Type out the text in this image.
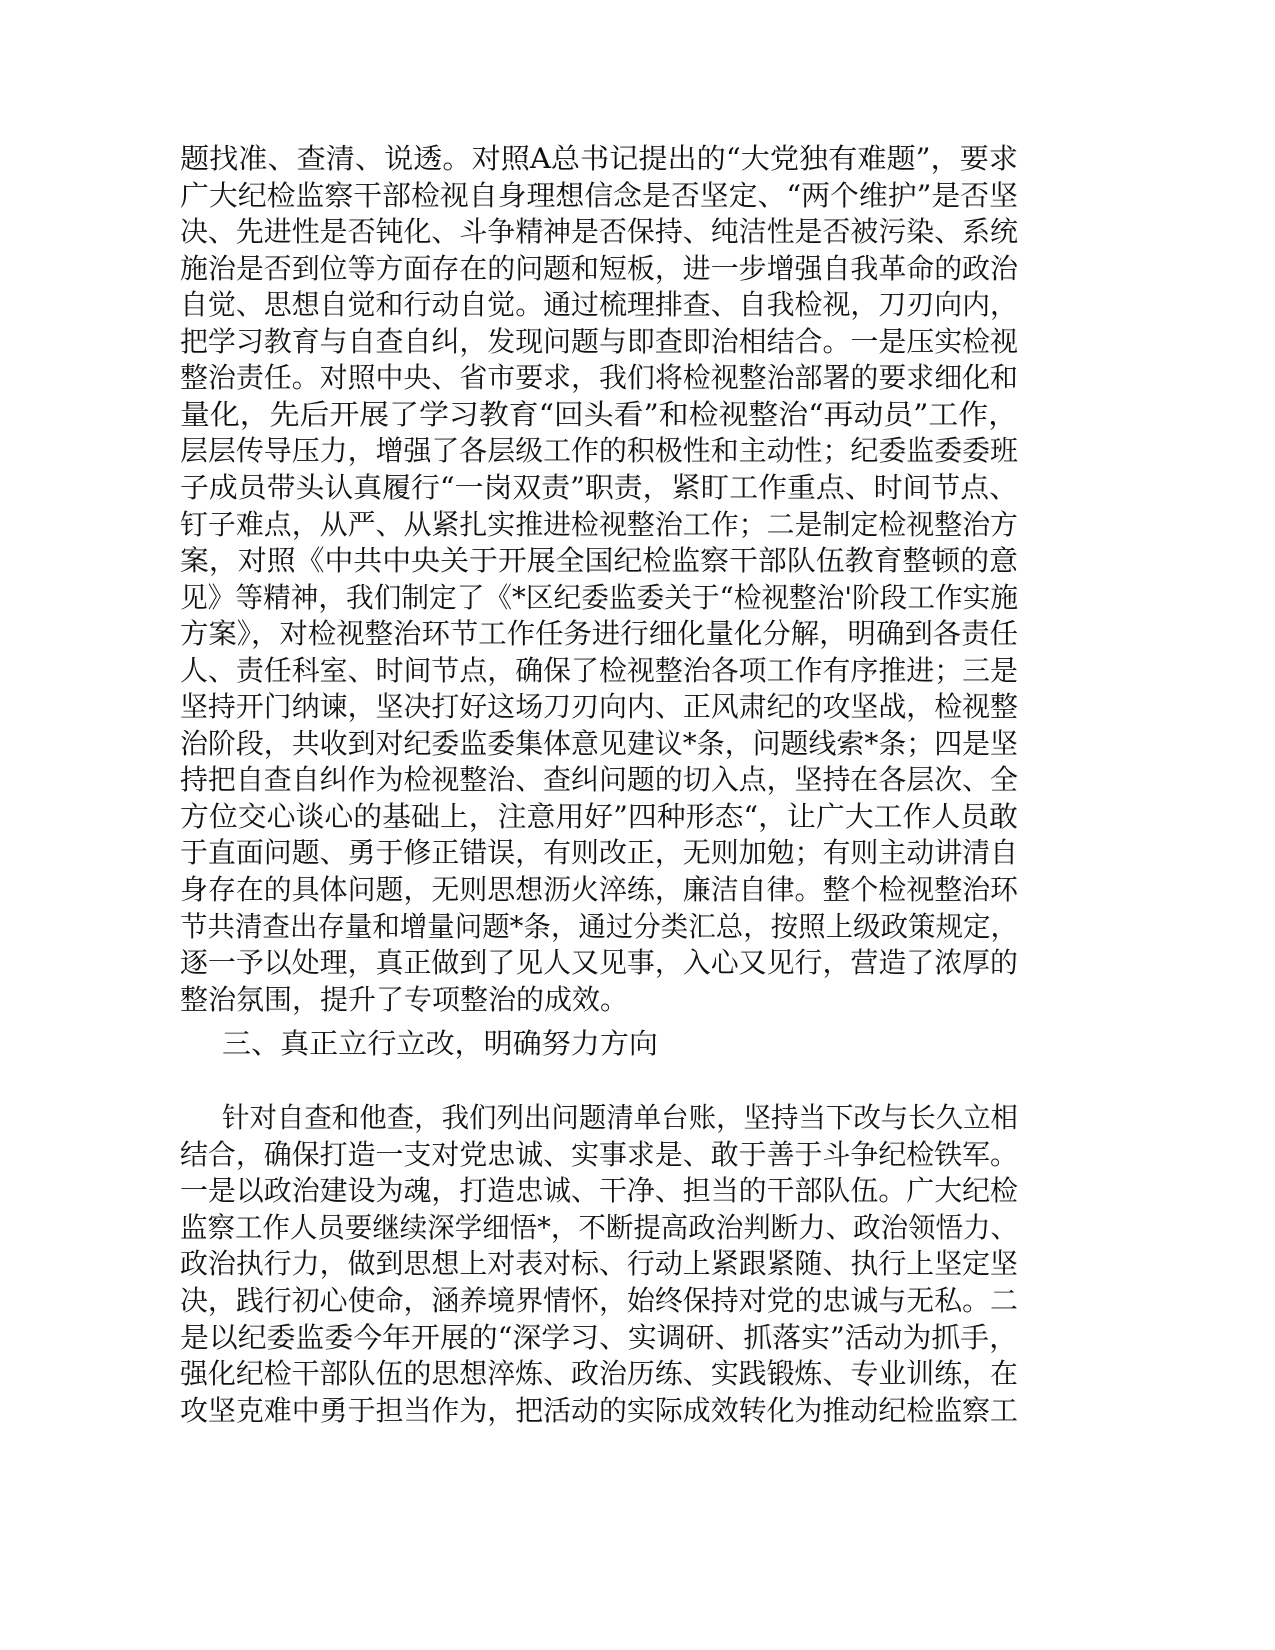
题找准、查清、说透。对照A总书记提出的“大党独有难题”，要求
广大纪检监察干部检视自身理想信念是否坚定、“两个维护”是否坚
决、先进性是否钝化、斗争精神是否保持、纯洁性是否被污染、系统
施治是否到位等方面存在的问题和短板，进一步增强自我革命的政治
自觉、思想自觉和行动自觉。通过梳理排查、自我检视，刀刃向内，
把学习教育与自查自纠，发现问题与即查即治相结合。一是压实检视
整治责任。对照中央、省市要求，我们将检视整治部署的要求细化和
量化，先后开展了学习教育“回头看”和检视整治“再动员”工作，
层层传导压力，增强了各层级工作的积极性和主动性；纪委监委委班
子成员带头认真履行“一岗双责”职责，紧盯工作重点、时间节点、
钉子难点，从严、从紧扎实推进检视整治工作；二是制定检视整治方
案，对照《中共中央关于开展全国纪检监察干部队伍教育整顿的意
见》等精神，我们制定了《*区纪委监委关于“检视整治'阶段工作实施
方案》，对检视整治环节工作任务进行细化量化分解，明确到各责任
人、责任科室、时间节点，确保了检视整治各项工作有序推进；三是
坚持开门纳谏，坚决打好这场刀刃向内、正风肃纪的攻坚战，检视整
治阶段，共收到对纪委监委集体意见建议*条，问题线索*条；四是坚
持把自查自纠作为检视整治、查纠问题的切入点，坚持在各层次、全
方位交心谈心的基础上，注意用好”四种形态“，让广大工作人员敢
于直面问题、勇于修正错误，有则改正，无则加勉；有则主动讲清自
身存在的具体问题，无则思想沥火淬练，廉洁自律。整个检视整治环
节共清查出存量和增量问题*条，通过分类汇总，按照上级政策规定，
逐一予以处理，真正做到了见人又见事，入心又见行，营造了浓厚的
整治氛围，提升了专项整治的成效。
三、真正立行立改，明确努力方向
针对自查和他查，我们列出问题清单台账，坚持当下改与长久立相
结合，确保打造一支对党忠诚、实事求是、敢于善于斗争纪检铁军。
一是以政治建设为魂，打造忠诚、干净、担当的干部队伍。广大纪检
监察工作人员要继续深学细悟*，不断提高政治判断力、政治领悟力、
政治执行力，做到思想上对表对标、行动上紧跟紧随、执行上坚定坚
决，践行初心使命，涵养境界情怀，始终保持对党的忠诚与无私。二
是以纪委监委今年开展的“深学习、实调研、抓落实”活动为抓手，
强化纪检干部队伍的思想淬炼、政治历练、实践锻炼、专业训练，在
攻坚克难中勇于担当作为，把活动的实际成效转化为推动纪检监察工
